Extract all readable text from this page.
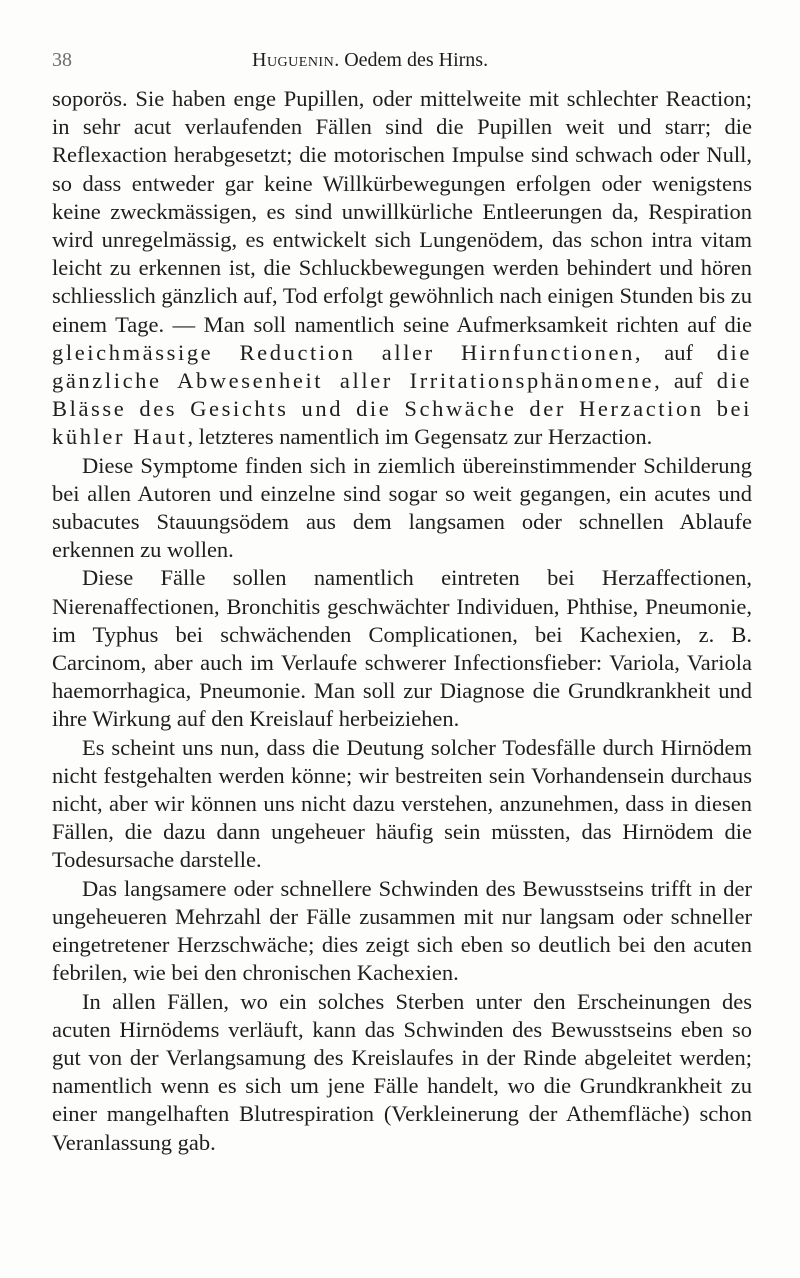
38	Huguenin. Oedem des Hirns.

soporös. Sie haben enge Pupillen, oder mittelweite mit schlechter Reaction; in sehr acut verlaufenden Fällen sind die Pupillen weit und starr; die Reflexaction herabgesetzt; die motorischen Impulse sind schwach oder Null, so dass entweder gar keine Willkürbewegungen erfolgen oder wenigstens keine zweckmässigen, es sind unwillkürliche Entleerungen da, Respiration wird unregelmässig, es entwickelt sich Lungenödem, das schon intra vitam leicht zu erkennen ist, die Schluckbewegungen werden behindert und hören schliesslich gänzlich auf, Tod erfolgt gewöhnlich nach einigen Stunden bis zu einem Tage. — Man soll namentlich seine Aufmerksamkeit richten auf die gleichmässige Reduction aller Hirnfunctionen, auf die gänzliche Abwesenheit aller Irritationsphänomene, auf die Blässe des Gesichts und die Schwäche der Herzaction bei kühler Haut, letzteres namentlich im Gegensatz zur Herzaction.

Diese Symptome finden sich in ziemlich übereinstimmender Schilderung bei allen Autoren und einzelne sind sogar so weit gegangen, ein acutes und subacutes Stauungsödem aus dem langsamen oder schnellen Ablaufe erkennen zu wollen.

Diese Fälle sollen namentlich eintreten bei Herzaffectionen, Nierenaffectionen, Bronchitis geschwächter Individuen, Phthise, Pneumonie, im Typhus bei schwächenden Complicationen, bei Kachexien, z. B. Carcinom, aber auch im Verlaufe schwerer Infectionsfieber: Variola, Variola haemorrhagica, Pneumonie. Man soll zur Diagnose die Grundkrankheit und ihre Wirkung auf den Kreislauf herbeiziehen.

Es scheint uns nun, dass die Deutung solcher Todesfälle durch Hirnödem nicht festgehalten werden könne; wir bestreiten sein Vorhandensein durchaus nicht, aber wir können uns nicht dazu verstehen, anzunehmen, dass in diesen Fällen, die dazu dann ungeheuer häufig sein müssten, das Hirnödem die Todesursache darstelle.

Das langsamere oder schnellere Schwinden des Bewusstseins trifft in der ungeheueren Mehrzahl der Fälle zusammen mit nur langsam oder schneller eingetretener Herzschwäche; dies zeigt sich eben so deutlich bei den acuten febrilen, wie bei den chronischen Kachexien.

In allen Fällen, wo ein solches Sterben unter den Erscheinungen des acuten Hirnödems verläuft, kann das Schwinden des Bewusstseins eben so gut von der Verlangsamung des Kreislaufes in der Rinde abgeleitet werden; namentlich wenn es sich um jene Fälle handelt, wo die Grundkrankheit zu einer mangelhaften Blutrespiration (Verkleinerung der Athemfläche) schon Veranlassung gab.
